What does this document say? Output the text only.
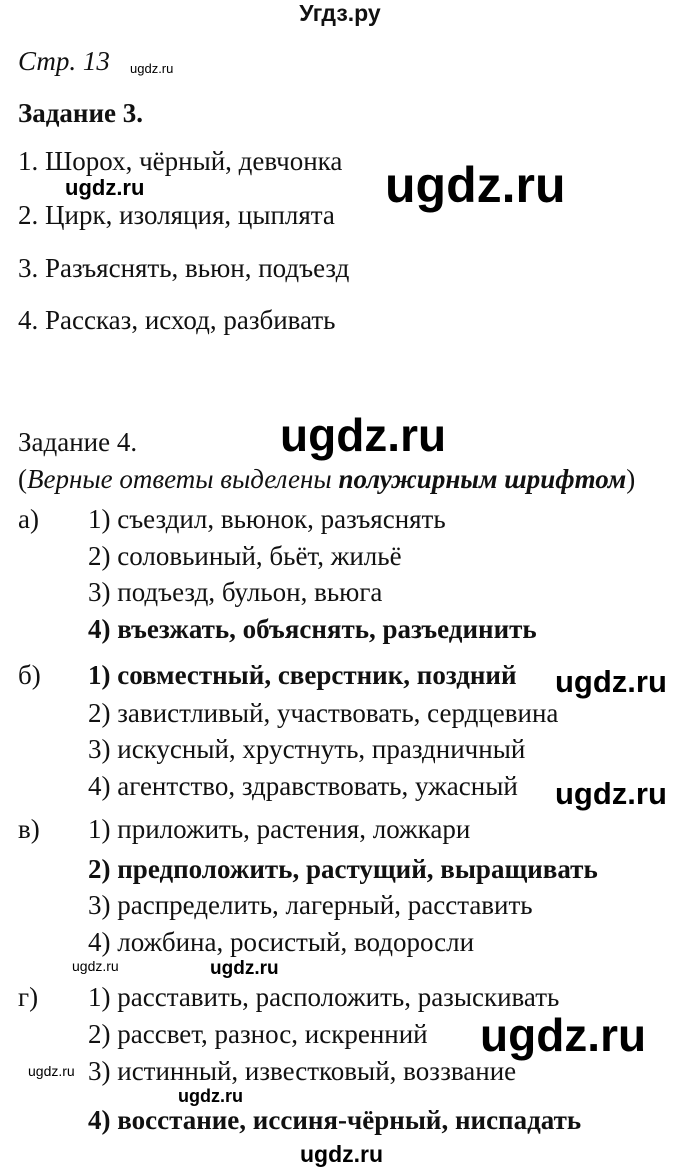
Угдз.ру
Стр. 13
Задание 3.
1. Шорох, чёрный, девчонка
2. Цирк, изоляция, цыплята
3. Разъяснять, вьюн, подъезд
4. Рассказ, исход, разбивать
Задание 4.
(Верные ответы выделены полужирным шрифтом)
а) 1) съездил, вьюнок, разъяснять
2) соловьиный, бьёт, жильё
3) подъезд, бульон, вьюга
4) въезжать, объяснять, разъединить
б) 1) совместный, сверстник, поздний
2) завистливый, участвовать, сердцевина
3) искусный, хрустнуть, праздничный
4) агентство, здравствовать, ужасный
в) 1) приложить, растения, ложкари
2) предположить, растущий, выращивать
3) распределить, лагерный, расставить
4) ложбина, росистый, водоросли
г) 1) расставить, расположить, разыскивать
2) рассвет, разнос, искренний
3) истинный, известковый, воззвание
4) восстание, иссиня-чёрный, ниспадать
ugdz.ru
ugdz.ru
ugdz.ru
ugdz.ru
ugdz.ru
ugdz.ru
ugdz.ru	ugdz.ru
ugdz.ru
ugdz.ru
ugdz.ru
ugdz.ru
